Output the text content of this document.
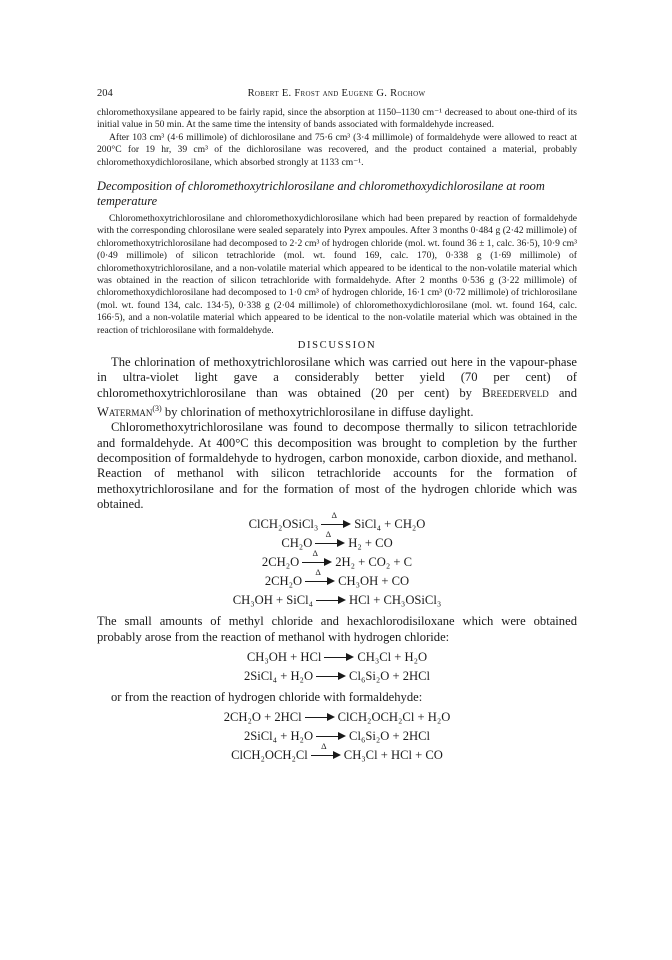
204	Robert E. Frost and Eugene G. Rochow

chloromethoxysilane appeared to be fairly rapid, since the absorption at 1150–1130 cm⁻¹ decreased to about one-third of its initial value in 50 min. At the same time the intensity of bands associated with formaldehyde increased.

After 103 cm³ (4·6 millimole) of dichlorosilane and 75·6 cm³ (3·4 millimole) of formaldehyde were allowed to react at 200°C for 19 hr, 39 cm³ of the dichlorosilane was recovered, and the product contained a material, probably chloromethoxydichlorosilane, which absorbed strongly at 1133 cm⁻¹.

Decomposition of chloromethoxytrichlorosilane and chloromethoxydichlorosilane at room temperature

Chloromethoxytrichlorosilane and chloromethoxydichlorosilane which had been prepared by reaction of formaldehyde with the corresponding chlorosilane were sealed separately into Pyrex ampoules. After 3 months 0·484 g (2·42 millimole) of chloromethoxytrichlorosilane had decomposed to 2·2 cm³ of hydrogen chloride (mol. wt. found 36 ± 1, calc. 36·5), 10·9 cm³ (0·49 millimole) of silicon tetrachloride (mol. wt. found 169, calc. 170), 0·338 g (1·69 millimole) of chloromethoxytrichlorosilane, and a non-volatile material which appeared to be identical to the non-volatile material which was obtained in the reaction of silicon tetrachloride with formaldehyde. After 2 months 0·536 g (3·22 millimole) of chloromethoxydichlorosilane had decomposed to 1·0 cm³ of hydrogen chloride, 16·1 cm³ (0·72 millimole) of trichlorosilane (mol. wt. found 134, calc. 134·5), 0·338 g (2·04 millimole) of chloromethoxydichlorosilane (mol. wt. found 164, calc. 166·5), and a non-volatile material which appeared to be identical to the non-volatile material which was obtained in the reaction of trichlorosilane with formaldehyde.

DISCUSSION

The chlorination of methoxytrichlorosilane which was carried out here in the vapour-phase in ultra-violet light gave a considerably better yield (70 per cent) of chloromethoxytrichlorosilane than was obtained (20 per cent) by Breederveld and Waterman$^{(3)}$ by chlorination of methoxytrichlorosilane in diffuse daylight.

Chloromethoxytrichlorosilane was found to decompose thermally to silicon tetrachloride and formaldehyde. At 400°C this decomposition was brought to completion by the further decomposition of formaldehyde to hydrogen, carbon monoxide, carbon dioxide, and methanol. Reaction of methanol with silicon tetrachloride accounts for the formation of methoxytrichlorosilane and for the formation of most of the hydrogen chloride which was obtained.

ClCH₂OSiCl₃
Δ
SiCl₄ + CH₂O
CH₂O
Δ
H₂ + CO
2CH₂O
Δ
2H₂ + CO₂ + C
2CH₂O
Δ
CH₃OH + CO
CH₃OH + SiCl₄	HCl + CH₃OSiCl₃

The small amounts of methyl chloride and hexachlorodisiloxane which were obtained probably arose from the reaction of methanol with hydrogen chloride:

CH₃OH + HCl	CH₃Cl + H₂O
2SiCl₄ + H₂O	Cl₆Si₂O + 2HCl

or from the reaction of hydrogen chloride with formaldehyde:

2CH₂O + 2HCl	ClCH₂OCH₂Cl + H₂O
2SiCl₄ + H₂O	Cl₆Si₂O + 2HCl
ClCH₂OCH₂Cl
Δ
CH₃Cl + HCl + CO
